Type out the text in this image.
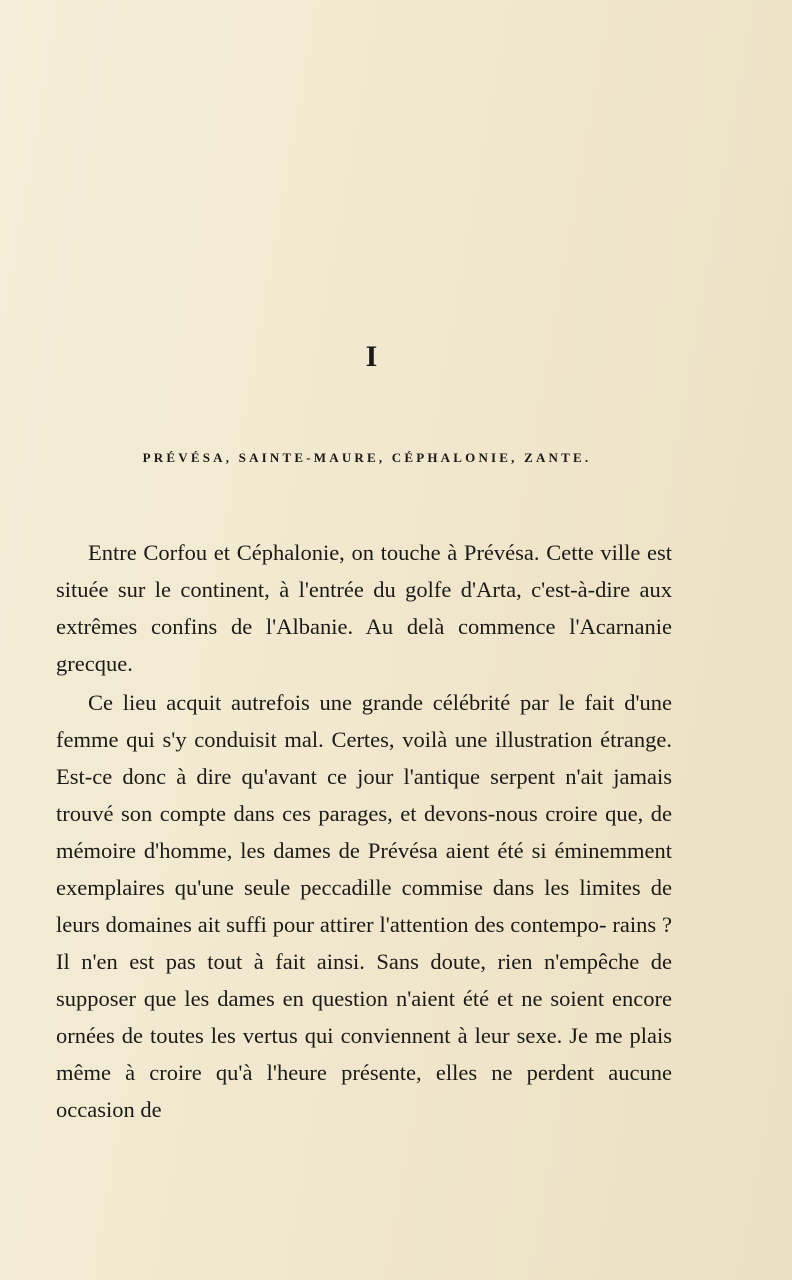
I
PRÉVÉSA, SAINTE-MAURE, CÉPHALONIE, ZANTE.

Entre Corfou et Céphalonie, on touche à Prévésa. Cette ville est située sur le continent, à l'entrée du golfe d'Arta, c'est-à-dire aux extrêmes confins de l'Albanie. Au delà commence l'Acarnanie grecque.

Ce lieu acquit autrefois une grande célébrité par le fait d'une femme qui s'y conduisit mal. Certes, voilà une illustration étrange. Est-ce donc à dire qu'avant ce jour l'antique serpent n'ait jamais trouvé son compte dans ces parages, et devons-nous croire que, de mémoire d'homme, les dames de Prévésa aient été si éminemment exemplaires qu'une seule peccadille commise dans les limites de leurs domaines ait suffi pour attirer l'attention des contempo- rains ? Il n'en est pas tout à fait ainsi. Sans doute, rien n'empêche de supposer que les dames en question n'aient été et ne soient encore ornées de toutes les vertus qui conviennent à leur sexe. Je me plais même à croire qu'à l'heure présente, elles ne perdent aucune occasion de
